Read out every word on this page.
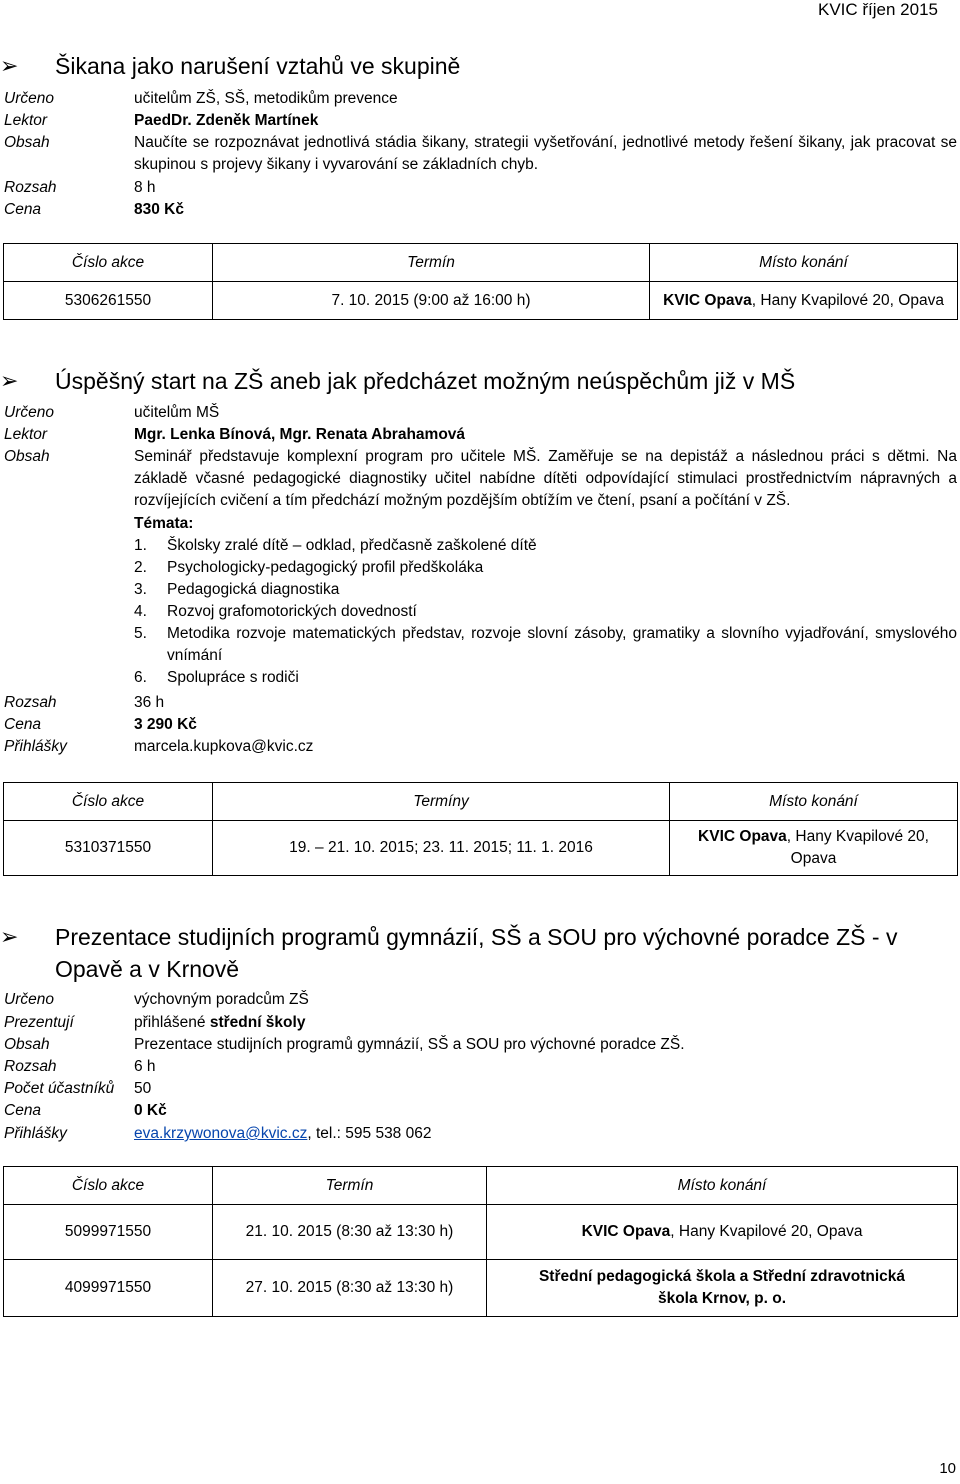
KVIC říjen 2015
➢	Šikana jako narušení vztahů ve skupině
Určeno	učitelům ZŠ, SŠ, metodikům prevence
Lektor	PaedDr. Zdeněk Martínek
Obsah	Naučíte se rozpoznávat jednotlivá stádia šikany, strategii vyšetřování, jednotlivé metody řešení šikany, jak pracovat se skupinou s projevy šikany i vyvarování se základních chyb.
Rozsah	8 h
Cena	830 Kč
Číslo akce	Termín	Místo konání
5306261550	7. 10. 2015 (9:00 až 16:00 h)	KVIC Opava, Hany Kvapilové 20, Opava
➢	Úspěšný start na ZŠ aneb jak předcházet možným neúspěchům již v MŠ
Určeno	učitelům MŠ
Lektor	Mgr. Lenka Bínová, Mgr. Renata Abrahamová
Obsah	Seminář představuje komplexní program pro učitele MŠ. Zaměřuje se na depistáž a následnou práci s dětmi. Na základě včasné pedagogické diagnostiky učitel nabídne dítěti odpovídající stimulaci prostřednictvím nápravných a rozvíjejících cvičení a tím předchází možným pozdějším obtížím ve čtení, psaní a počítání v ZŠ.
Témata:
1.	Školsky zralé dítě – odklad, předčasně zaškolené dítě
2.	Psychologicky-pedagogický profil předškoláka
3.	Pedagogická diagnostika
4.	Rozvoj grafomotorických dovedností
5.	Metodika rozvoje matematických představ, rozvoje slovní zásoby, gramatiky a slovního vyjadřování, smyslového vnímání
6.	Spolupráce s rodiči
Rozsah	36 h
Cena	3 290 Kč
Přihlášky	marcela.kupkova@kvic.cz
Číslo akce	Termíny	Místo konání
5310371550	19. – 21. 10. 2015; 23. 11. 2015; 11. 1. 2016	KVIC Opava, Hany Kvapilové 20, Opava
➢	Prezentace studijních programů gymnázií, SŠ a SOU pro výchovné poradce ZŠ - v Opavě a v Krnově
Určeno	výchovným poradcům ZŠ
Prezentují	přihlášené střední školy
Obsah	Prezentace studijních programů gymnázií, SŠ a SOU pro výchovné poradce ZŠ.
Rozsah	6 h
Počet účastníků	50
Cena	0 Kč
Přihlášky	eva.krzywonova@kvic.cz, tel.: 595 538 062
Číslo akce	Termín	Místo konání
5099971550	21. 10. 2015 (8:30 až 13:30 h)	KVIC Opava, Hany Kvapilové 20, Opava
4099971550	27. 10. 2015 (8:30 až 13:30 h)	Střední pedagogická škola a Střední zdravotnická škola Krnov, p. o.
10
